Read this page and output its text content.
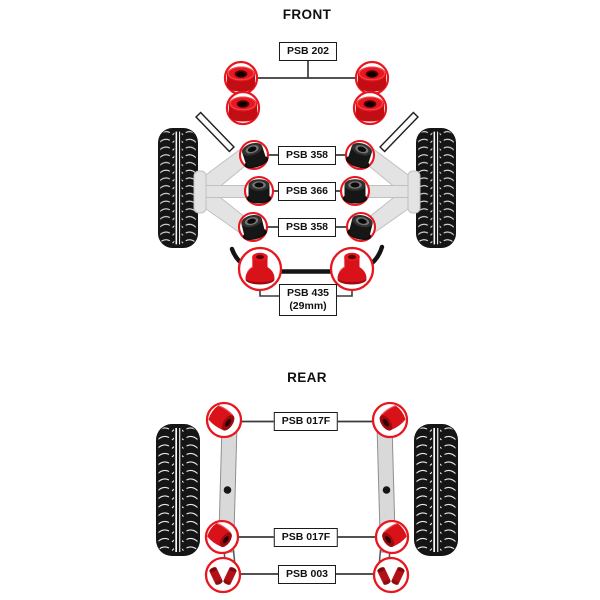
FRONT
REAR
PSB 202
PSB 358
PSB 366
PSB 358
PSB 435
(29mm)
PSB 017F
PSB 017F
PSB 003
